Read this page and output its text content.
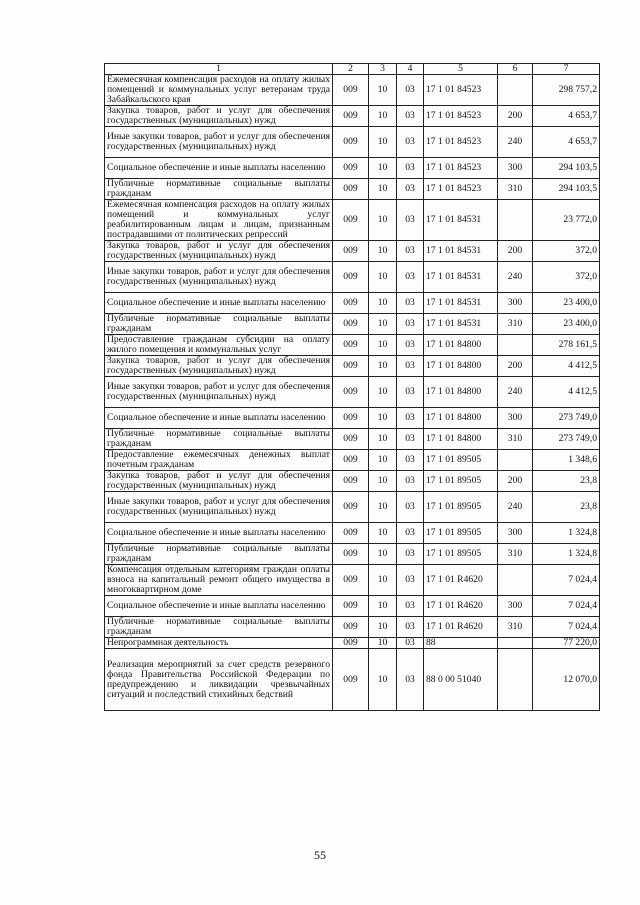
1	2	3	4	5	6	7
Ежемесячная компенсация расходов на оплату жилых помещений и коммунальных услуг ветеранам труда Забайкальского края	009	10	03	17 1 01 84523		298 757,2
Закупка товаров, работ и услуг для обеспечения государственных (муниципальных) нужд	009	10	03	17 1 01 84523	200	4 653,7
Иные закупки товаров, работ и услуг для обеспечения государственных (муниципальных) нужд	009	10	03	17 1 01 84523	240	4 653,7
Социальное обеспечение и иные выплаты населению	009	10	03	17 1 01 84523	300	294 103,5
Публичные нормативные социальные выплаты гражданам	009	10	03	17 1 01 84523	310	294 103,5
Ежемесячная компенсация расходов на оплату жилых помещений и коммунальных услуг реабилитированным лицам и лицам, признанным пострадавшими от политических репрессий	009	10	03	17 1 01 84531		23 772,0
Закупка товаров, работ и услуг для обеспечения государственных (муниципальных) нужд	009	10	03	17 1 01 84531	200	372,0
Иные закупки товаров, работ и услуг для обеспечения государственных (муниципальных) нужд	009	10	03	17 1 01 84531	240	372,0
Социальное обеспечение и иные выплаты населению	009	10	03	17 1 01 84531	300	23 400,0
Публичные нормативные социальные выплаты гражданам	009	10	03	17 1 01 84531	310	23 400,0
Предоставление гражданам субсидии на оплату жилого помещения и коммунальных услуг	009	10	03	17 1 01 84800		278 161,5
Закупка товаров, работ и услуг для обеспечения государственных (муниципальных) нужд	009	10	03	17 1 01 84800	200	4 412,5
Иные закупки товаров, работ и услуг для обеспечения государственных (муниципальных) нужд	009	10	03	17 1 01 84800	240	4 412,5
Социальное обеспечение и иные выплаты населению	009	10	03	17 1 01 84800	300	273 749,0
Публичные нормативные социальные выплаты гражданам	009	10	03	17 1 01 84800	310	273 749,0
Предоставление ежемесячных денежных выплат почетным гражданам	009	10	03	17 1 01 89505		1 348,6
Закупка товаров, работ и услуг для обеспечения государственных (муниципальных) нужд	009	10	03	17 1 01 89505	200	23,8
Иные закупки товаров, работ и услуг для обеспечения государственных (муниципальных) нужд	009	10	03	17 1 01 89505	240	23,8
Социальное обеспечение и иные выплаты населению	009	10	03	17 1 01 89505	300	1 324,8
Публичные нормативные социальные выплаты гражданам	009	10	03	17 1 01 89505	310	1 324,8
Компенсация отдельным категориям граждан оплаты взноса на капитальный ремонт общего имущества в многоквартирном доме	009	10	03	17 1 01 R4620		7 024,4
Социальное обеспечение и иные выплаты населению	009	10	03	17 1 01 R4620	300	7 024,4
Публичные нормативные социальные выплаты гражданам	009	10	03	17 1 01 R4620	310	7 024,4
Непрограммная деятельность	009	10	03	88		77 220,0
Реализация мероприятий за счет средств резервного фонда Правительства Российской Федерации по предупреждению и ликвидации чрезвычайных ситуаций и последствий стихийных бедствий	009	10	03	88 0 00 51040		12 070,0
55
